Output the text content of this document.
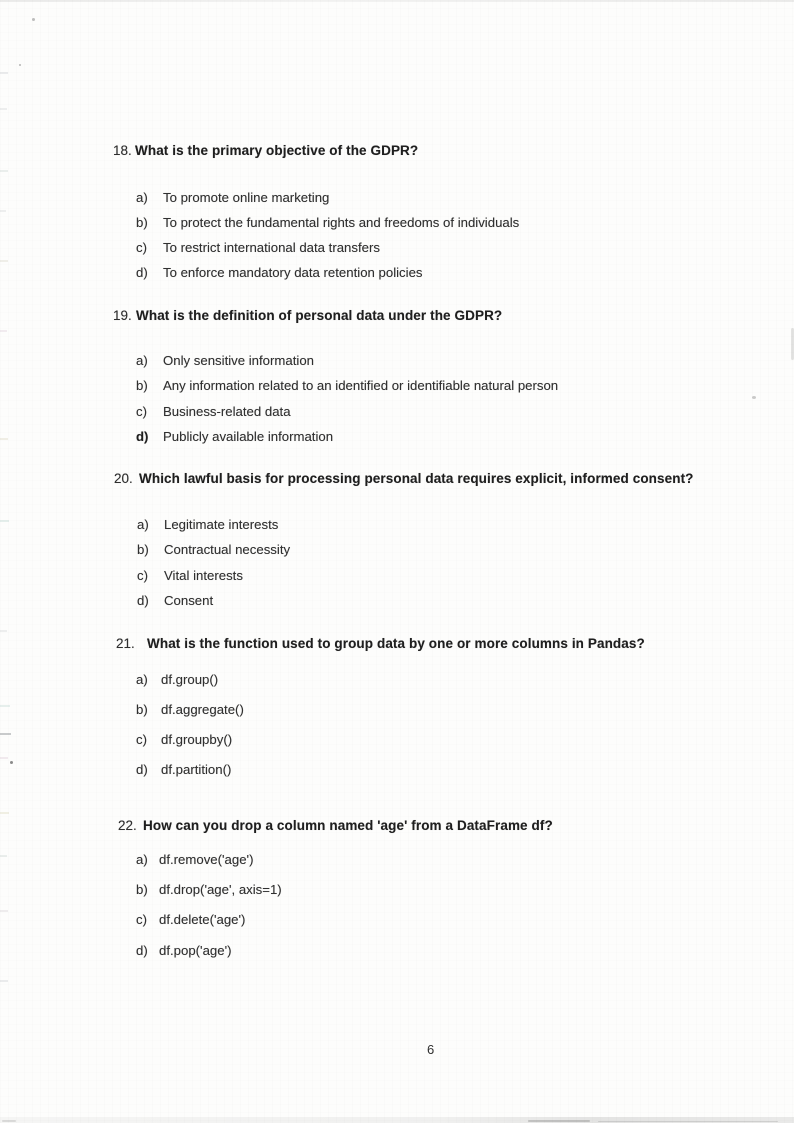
18. What is the primary objective of the GDPR?
a) To promote online marketing
b) To protect the fundamental rights and freedoms of individuals
c) To restrict international data transfers
d) To enforce mandatory data retention policies
19. What is the definition of personal data under the GDPR?
a) Only sensitive information
b) Any information related to an identified or identifiable natural person
c) Business-related data
d) Publicly available information
20. Which lawful basis for processing personal data requires explicit, informed consent?
a) Legitimate interests
b) Contractual necessity
c) Vital interests
d) Consent
21. What is the function used to group data by one or more columns in Pandas?
a) df.group()
b) df.aggregate()
c) df.groupby()
d) df.partition()
22. How can you drop a column named 'age' from a DataFrame df?
a) df.remove('age')
b) df.drop('age', axis=1)
c) df.delete('age')
d) df.pop('age')
6
